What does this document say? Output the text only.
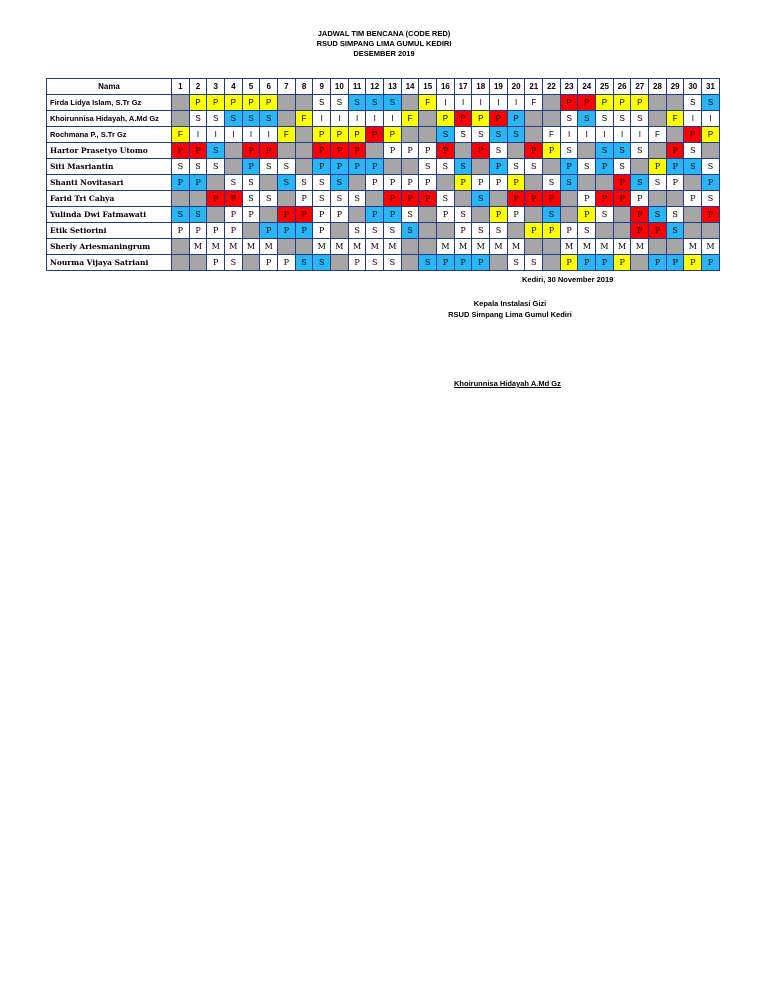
JADWAL TIM BENCANA (CODE RED)
RSUD SIMPANG LIMA GUMUL KEDIRI
DESEMBER 2019
Nama	1	2	3	4	5	6	7	8	9	10	11	12	13	14	15	16	17	18	19	20	21	22	23	24	25	26	27	28	29	30	31	
Firda Lidya Islam, S.Tr Gz		P	P	P	P	P			S	S	S	S	S		F	I	I	I	I	I	F		P	P	P	P	P			S	S	
Khoirunnisa Hidayah, A.Md Gz		S	S	S	S	S		F	I	I	I	I	I	F		P	P	P	P	P			S	S	S	S	S		F	I	I	
Rochmana P., S.Tr Gz	F	I	I	I	I	I	F		P	P	P	P	P			S	S	S	S	S		F	I	I	I	I	I	F		P	P	
Hartor Prasetyo Utomo	P	P	S		P	P			P	P	P		P	P	P	P		P	S		P	P	S		S	S	S		P	S		
Siti Masriantin	S	S	S		P	S	S		P	P	P	P			S	S	S		P	S	S		P	S	P	S		P	P	S	S	
Shanti Novitasari	P	P		S	S		S	S	S	S		P	P	P	P		P	P	P	P		S	S			P	S	S	P		P	
Farid Tri Cahya			P	P	S	S		P	S	S	S		P	P	P	S		S		P	P	P		P	P	P	P			P	S	
Yulinda Dwi Fatmawati	S	S		P	P		P	P	P	P		P	P	S		P	S		P	P		S		P	S		P	S	S		P	
Etik Setiorini	P	P	P	P		P	P	P	P		S	S	S	S			P	S	S		P	P	P	S			P	P	S			
Sherly Ariesmaningrum		M	M	M	M	M			M	M	M	M	M			M	M	M	M	M			M	M	M	M	M			M	M	
Nourma Vijaya Satriani			P	S		P	P	S	S		P	S	S		S	P	P	P		S	S		P	P	P	P		P	P	P	P	
Kediri, 30 November 2019
Kepala Instalasi Gizi
RSUD Simpang Lima Gumul Kediri
Khoirunnisa Hidayah A.Md Gz
